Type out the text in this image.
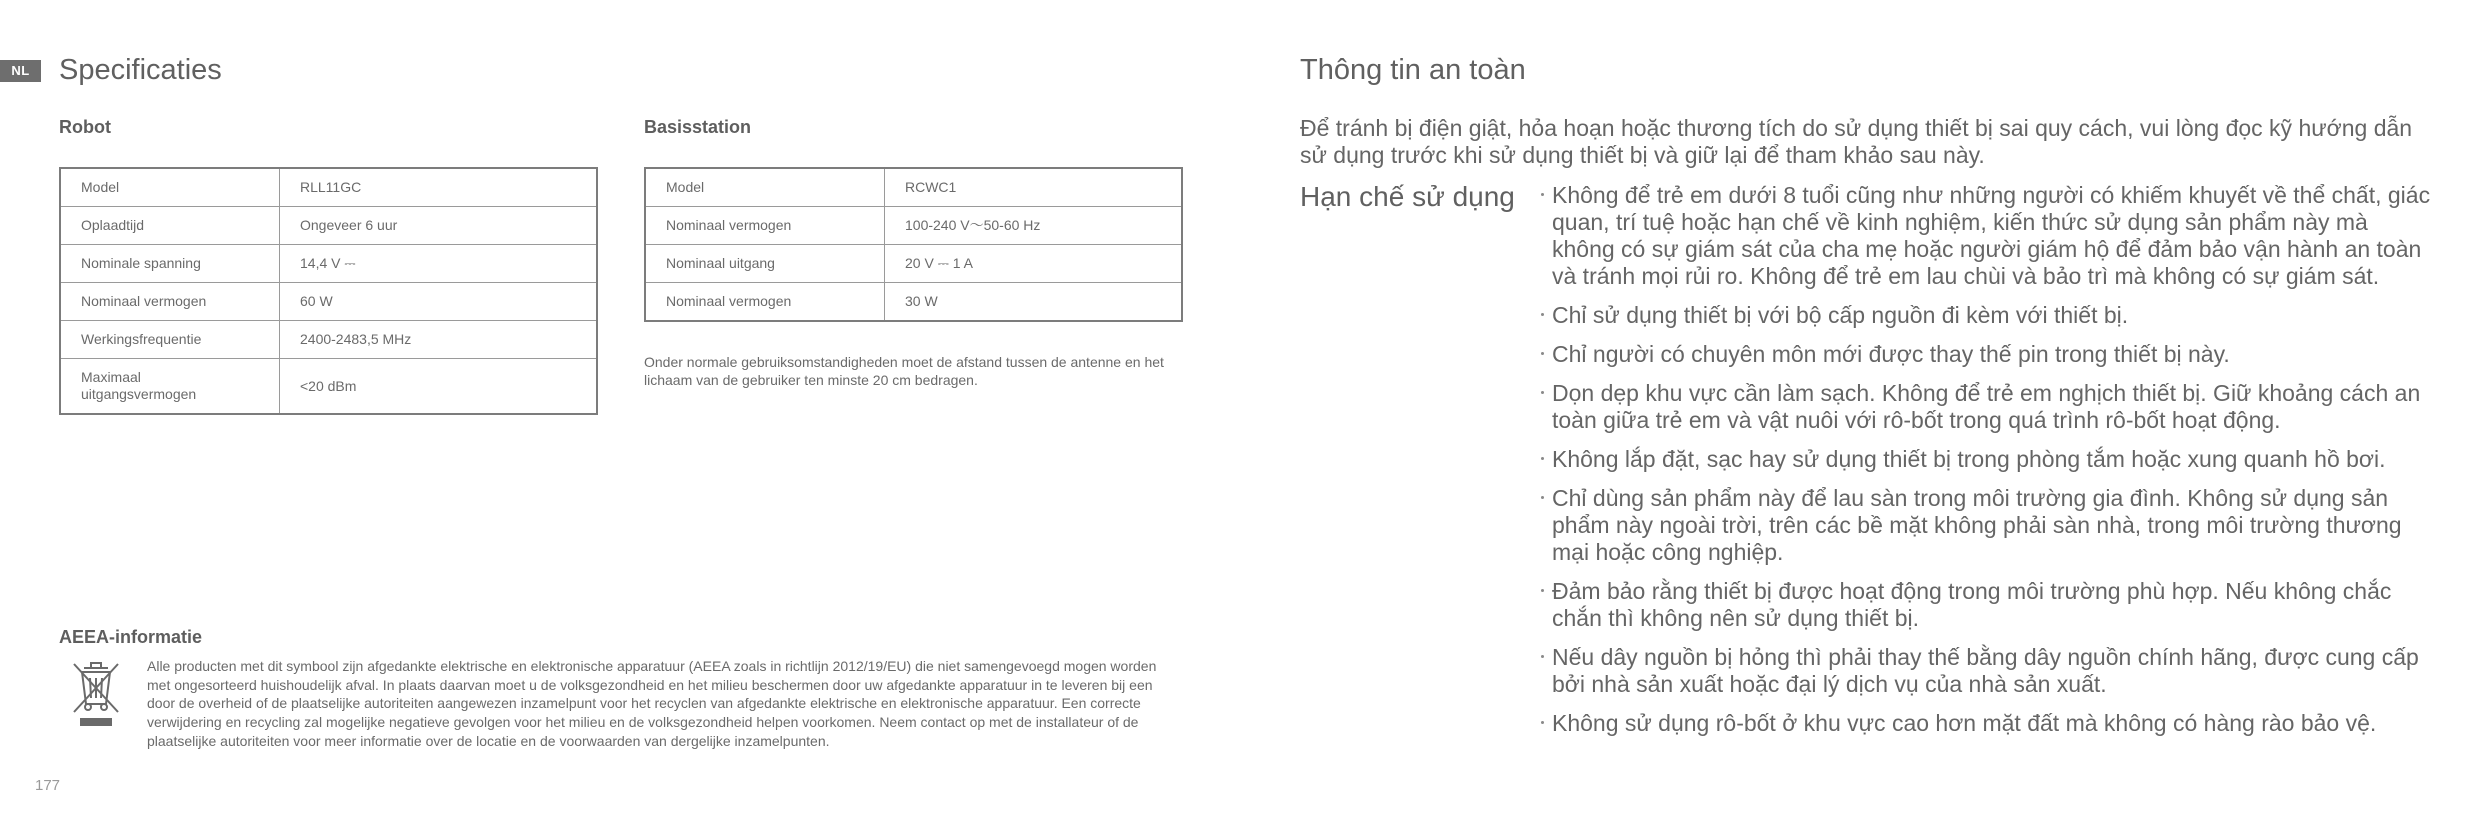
NL	Specificaties
Robot
Model	RLL11GC
Oplaadtijd	Ongeveer 6 uur
Nominale spanning	14,4 V ⎓
Nominaal vermogen	60 W
Werkingsfrequentie	2400-2483,5 MHz
Maximaal uitgangsvermogen	<20 dBm
Basisstation
Model	RCWC1
Nominaal vermogen	100-240 V～50-60 Hz
Nominaal uitgang	20 V ⎓ 1 A
Nominaal vermogen	30 W
Onder normale gebruiksomstandigheden moet de afstand tussen de antenne en het lichaam van de gebruiker ten minste 20 cm bedragen.
AEEA-informatie
Alle producten met dit symbool zijn afgedankte elektrische en elektronische apparatuur (AEEA zoals in richtlijn 2012/19/EU) die niet samengevoegd mogen worden met ongesorteerd huishoudelijk afval. In plaats daarvan moet u de volksgezondheid en het milieu beschermen door uw afgedankte apparatuur in te leveren bij een door de overheid of de plaatselijke autoriteiten aangewezen inzamelpunt voor het recyclen van afgedankte elektrische en elektronische apparatuur. Een correcte verwijdering en recycling zal mogelijke negatieve gevolgen voor het milieu en de volksgezondheid helpen voorkomen. Neem contact op met de installateur of de plaatselijke autoriteiten voor meer informatie over de locatie en de voorwaarden van dergelijke inzamelpunten.
177
Thông tin an toàn
Để tránh bị điện giật, hỏa hoạn hoặc thương tích do sử dụng thiết bị sai quy cách, vui lòng đọc kỹ hướng dẫn sử dụng trước khi sử dụng thiết bị và giữ lại để tham khảo sau này.
Hạn chế sử dụng	Không để trẻ em dưới 8 tuổi cũng như những người có khiếm khuyết về thể chất, giác quan, trí tuệ hoặc hạn chế về kinh nghiệm, kiến thức sử dụng sản phẩm này mà không có sự giám sát của cha mẹ hoặc người giám hộ để đảm bảo vận hành an toàn và tránh mọi rủi ro. Không để trẻ em lau chùi và bảo trì mà không có sự giám sát.
Chỉ sử dụng thiết bị với bộ cấp nguồn đi kèm với thiết bị.
Chỉ người có chuyên môn mới được thay thế pin trong thiết bị này.
Dọn dẹp khu vực cần làm sạch. Không để trẻ em nghịch thiết bị. Giữ khoảng cách an toàn giữa trẻ em và vật nuôi với rô-bốt trong quá trình rô-bốt hoạt động.
Không lắp đặt, sạc hay sử dụng thiết bị trong phòng tắm hoặc xung quanh hồ bơi.
Chỉ dùng sản phẩm này để lau sàn trong môi trường gia đình. Không sử dụng sản phẩm này ngoài trời, trên các bề mặt không phải sàn nhà, trong môi trường thương mại hoặc công nghiệp.
Đảm bảo rằng thiết bị được hoạt động trong môi trường phù hợp. Nếu không chắc chắn thì không nên sử dụng thiết bị.
Nếu dây nguồn bị hỏng thì phải thay thế bằng dây nguồn chính hãng, được cung cấp bởi nhà sản xuất hoặc đại lý dịch vụ của nhà sản xuất.
Không sử dụng rô-bốt ở khu vực cao hơn mặt đất mà không có hàng rào bảo vệ.
